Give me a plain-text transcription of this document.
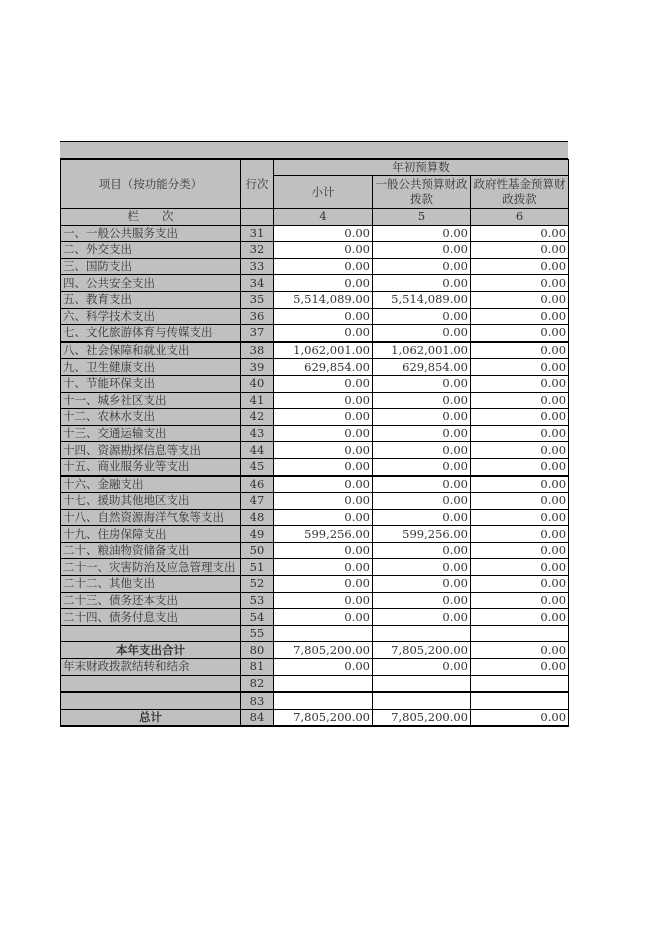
项目（按功能分类）	行次	年初预算数		
		小计	一般公共预算财政拨款	政府性基金预算财政拨款
栏　　次		4	5	6
一、一般公共服务支出	31	0.00	0.00	0.00
二、外交支出	32	0.00	0.00	0.00
三、国防支出	33	0.00	0.00	0.00
四、公共安全支出	34	0.00	0.00	0.00
五、教育支出	35	5,514,089.00	5,514,089.00	0.00
六、科学技术支出	36	0.00	0.00	0.00
七、文化旅游体育与传媒支出	37	0.00	0.00	0.00
八、社会保障和就业支出	38	1,062,001.00	1,062,001.00	0.00
九、卫生健康支出	39	629,854.00	629,854.00	0.00
十、节能环保支出	40	0.00	0.00	0.00
十一、城乡社区支出	41	0.00	0.00	0.00
十二、农林水支出	42	0.00	0.00	0.00
十三、交通运输支出	43	0.00	0.00	0.00
十四、资源勘探信息等支出	44	0.00	0.00	0.00
十五、商业服务业等支出	45	0.00	0.00	0.00
十六、金融支出	46	0.00	0.00	0.00
十七、援助其他地区支出	47	0.00	0.00	0.00
十八、自然资源海洋气象等支出	48	0.00	0.00	0.00
十九、住房保障支出	49	599,256.00	599,256.00	0.00
二十、粮油物资储备支出	50	0.00	0.00	0.00
二十一、灾害防治及应急管理支出	51	0.00	0.00	0.00
二十二、其他支出	52	0.00	0.00	0.00
二十三、债务还本支出	53	0.00	0.00	0.00
二十四、债务付息支出	54	0.00	0.00	0.00
	55			
本年支出合计	80	7,805,200.00	7,805,200.00	0.00
年末财政拨款结转和结余	81	0.00	0.00	0.00
	82			
	83			
总计	84	7,805,200.00	7,805,200.00	0.00
